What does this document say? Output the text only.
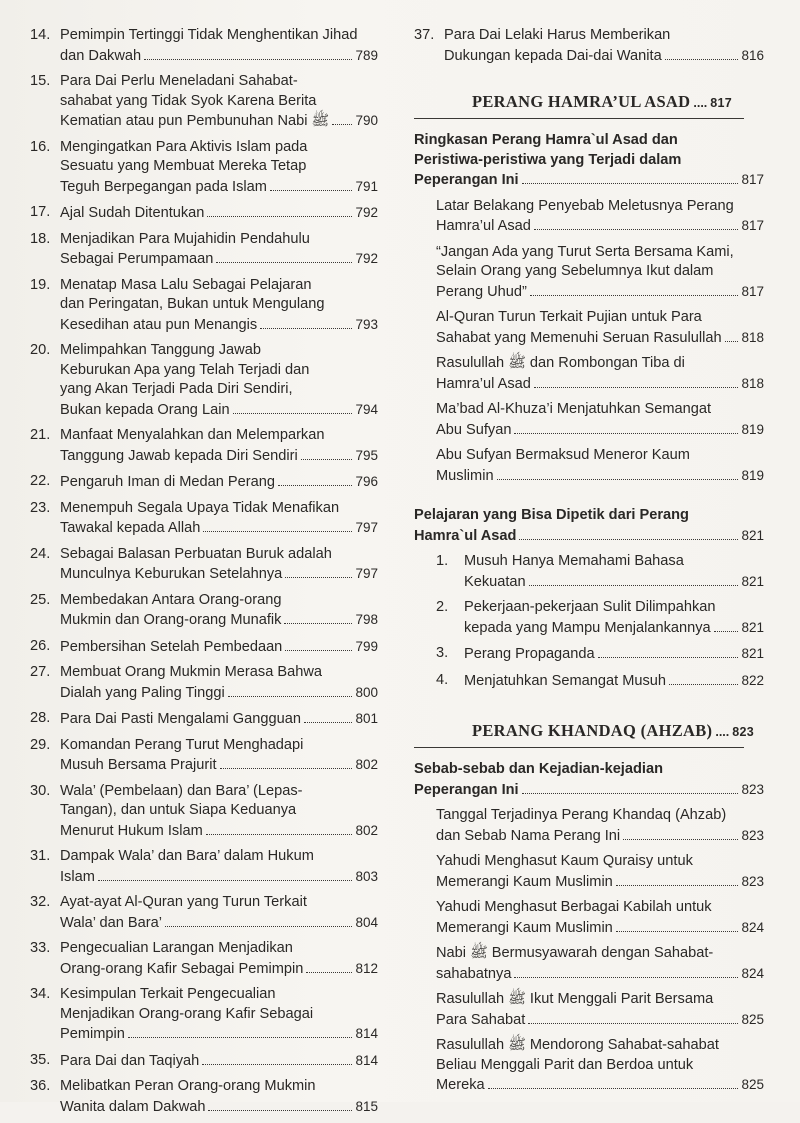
14. Pemimpin Tertinggi Tidak Menghentikan Jihad
dan Dakwah	789
15. Para Dai Perlu Meneladani Sahabat-
sahabat yang Tidak Syok Karena Berita
Kematian atau pun Pembunuhan Nabi ﷺ 790
16. Mengingatkan Para Aktivis Islam pada
Sesuatu yang Membuat Mereka Tetap
Teguh Berpegangan pada Islam	791
17. Ajal Sudah Ditentukan	792
18. Menjadikan Para Mujahidin Pendahulu
Sebagai Perumpamaan	792
19. Menatap Masa Lalu Sebagai Pelajaran
dan Peringatan, Bukan untuk Mengulang
Kesedihan atau pun Menangis	793
20. Melimpahkan Tanggung Jawab
Keburukan Apa yang Telah Terjadi dan
yang Akan Terjadi Pada Diri Sendiri,
Bukan kepada Orang Lain	794
21. Manfaat Menyalahkan dan Melemparkan
Tanggung Jawab kepada Diri Sendiri	795
22. Pengaruh Iman di Medan Perang	796
23. Menempuh Segala Upaya Tidak Menafikan
Tawakal kepada Allah	797
24. Sebagai Balasan Perbuatan Buruk adalah
Munculnya Keburukan Setelahnya	797
25. Membedakan Antara Orang-orang
Mukmin dan Orang-orang Munafik	798
26. Pembersihan Setelah Pembedaan	799
27. Membuat Orang Mukmin Merasa Bahwa
Dialah yang Paling Tinggi	800
28. Para Dai Pasti Mengalami Gangguan	801
29. Komandan Perang Turut Menghadapi
Musuh Bersama Prajurit	802
30. Wala’ (Pembelaan) dan Bara’ (Lepas-
Tangan), dan untuk Siapa Keduanya
Menurut Hukum Islam	802
31. Dampak Wala’ dan Bara’ dalam Hukum
Islam	803
32. Ayat-ayat Al-Quran yang Turun Terkait
Wala’ dan Bara’	804
33. Pengecualian Larangan Menjadikan
Orang-orang Kafir Sebagai Pemimpin	812
34. Kesimpulan Terkait Pengecualian
Menjadikan Orang-orang Kafir Sebagai
Pemimpin	814
35. Para Dai dan Taqiyah	814
36. Melibatkan Peran Orang-orang Mukmin
Wanita dalam Dakwah	815
37. Para Dai Lelaki Harus Memberikan
Dukungan kepada Dai-dai Wanita	816
PERANG HAMRA’UL ASAD .... 817
Ringkasan Perang Hamra`ul Asad dan
Peristiwa-peristiwa yang Terjadi dalam
Peperangan Ini	817
Latar Belakang Penyebab Meletusnya Perang
Hamra’ul Asad	817
“Jangan Ada yang Turut Serta Bersama Kami,
Selain Orang yang Sebelumnya Ikut dalam
Perang Uhud”	817
Al-Quran Turun Terkait Pujian untuk Para
Sahabat yang Memenuhi Seruan Rasulullah 818
Rasulullah ﷺ dan Rombongan Tiba di
Hamra’ul Asad	818
Ma’bad Al-Khuza’i Menjatuhkan Semangat
Abu Sufyan	819
Abu Sufyan Bermaksud Meneror Kaum
Muslimin	819
Pelajaran yang Bisa Dipetik dari Perang
Hamra`ul Asad	821
1. Musuh Hanya Memahami Bahasa
Kekuatan	821
2. Pekerjaan-pekerjaan Sulit Dilimpahkan
kepada yang Mampu Menjalankannya 821
3. Perang Propaganda	821
4. Menjatuhkan Semangat Musuh	822
PERANG KHANDAQ (AHZAB) .... 823
Sebab-sebab dan Kejadian-kejadian
Peperangan Ini	823
Tanggal Terjadinya Perang Khandaq (Ahzab)
dan Sebab Nama Perang Ini	823
Yahudi Menghasut Kaum Quraisy untuk
Memerangi Kaum Muslimin	823
Yahudi Menghasut Berbagai Kabilah untuk
Memerangi Kaum Muslimin	824
Nabi ﷺ Bermusyawarah dengan Sahabat-
sahabatnya	824
Rasulullah ﷺ Ikut Menggali Parit Bersama
Para Sahabat	825
Rasulullah ﷺ Mendorong Sahabat-sahabat
Beliau Menggali Parit dan Berdoa untuk
Mereka	825
